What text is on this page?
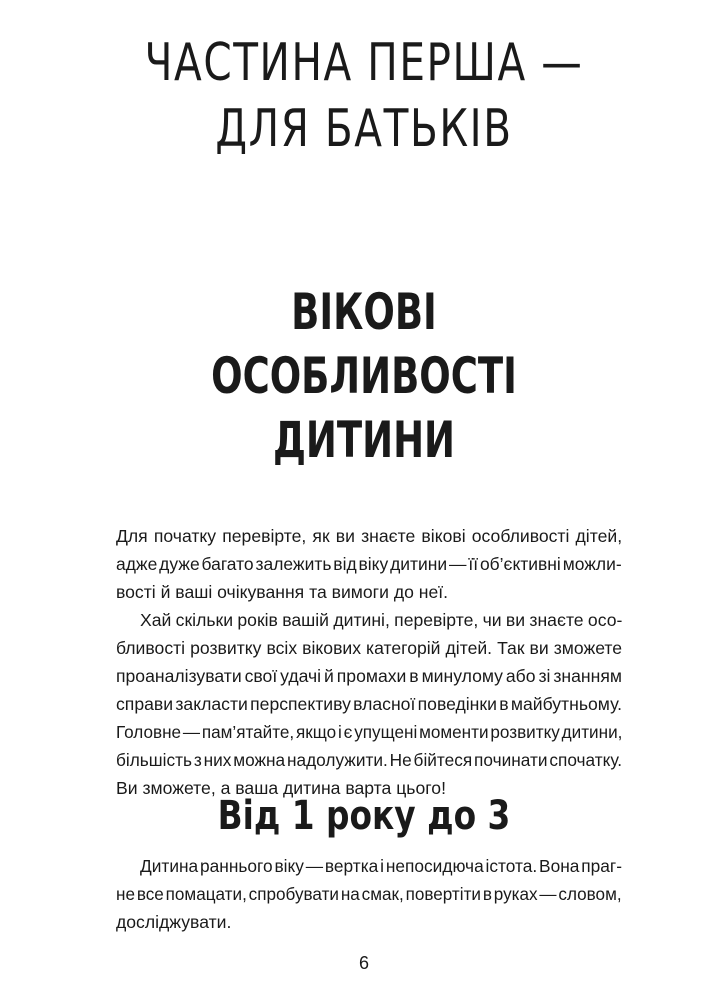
ЧАСТИНА ПЕРША —
ДЛЯ БАТЬКІВ
ВІКОВІ
ОСОБЛИВОСТІ
ДИТИНИ
Для початку перевірте, як ви знаєте вікові особливості дітей,
адже дуже багато залежить від віку дитини — її об’єктивні можли-
вості й ваші очікування та вимоги до неї.
Хай скільки років вашій дитині, перевірте, чи ви знаєте осо-
бливості розвитку всіх вікових категорій дітей. Так ви зможете
проаналізувати свої удачі й промахи в минулому або зі знанням
справи закласти перспективу власної поведінки в майбутньому.
Головне — пам’ятайте, якщо і є упущені моменти розвитку дитини,
більшість з них можна надолужити. Не бійтеся починати спочатку.
Ви зможете, а ваша дитина варта цього!
Від 1 року до 3
Дитина раннього віку — вертка і непосидюча істота. Вона праг-
не все помацати, спробувати на смак, повертіти в руках — словом,
досліджувати.
6
